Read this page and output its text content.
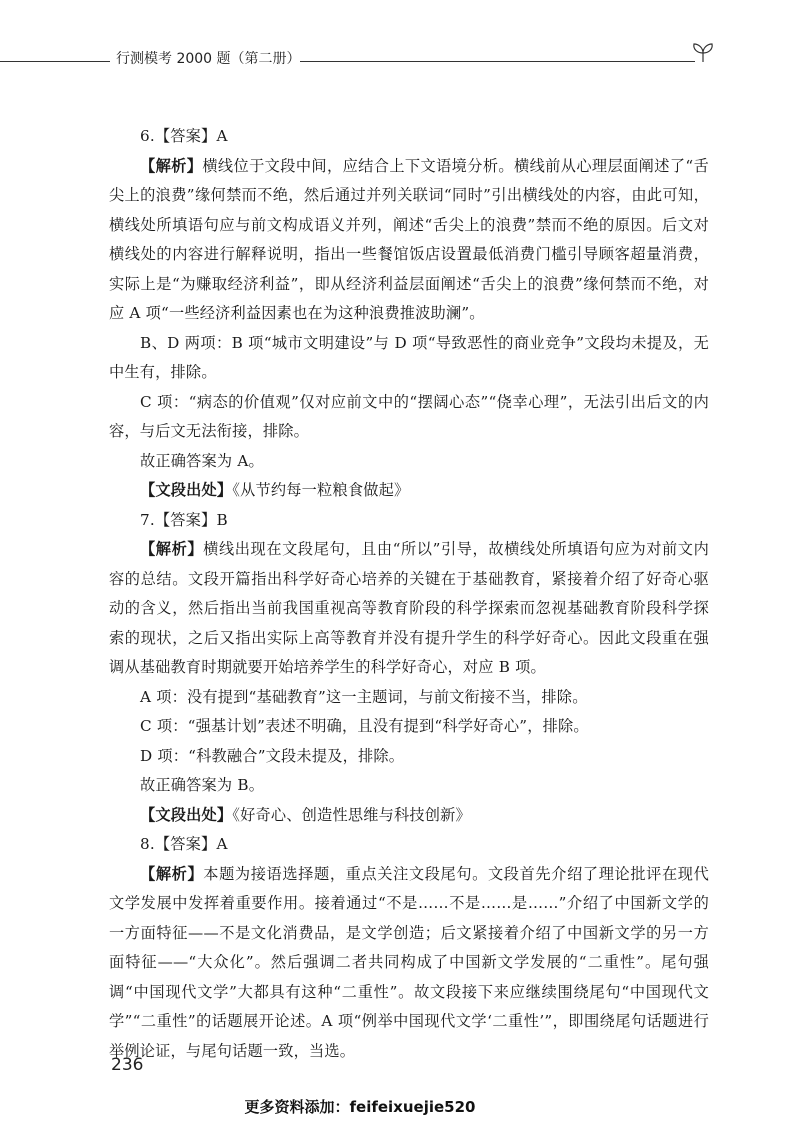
行测模考 2000 题（第二册）

6.【答案】A

【解析】横线位于文段中间，应结合上下文语境分析。横线前从心理层面阐述了“舌尖上的浪费”缘何禁而不绝，然后通过并列关联词“同时”引出横线处的内容，由此可知，横线处所填语句应与前文构成语义并列，阐述“舌尖上的浪费”禁而不绝的原因。后文对横线处的内容进行解释说明，指出一些餐馆饭店设置最低消费门槛引导顾客超量消费，实际上是“为赚取经济利益”，即从经济利益层面阐述“舌尖上的浪费”缘何禁而不绝，对应 A 项“一些经济利益因素也在为这种浪费推波助澜”。

B、D 两项：B 项“城市文明建设”与 D 项“导致恶性的商业竞争”文段均未提及，无中生有，排除。

C 项：“病态的价值观”仅对应前文中的“摆阔心态”“侥幸心理”，无法引出后文的内容，与后文无法衔接，排除。

故正确答案为 A。

【文段出处】《从节约每一粒粮食做起》

7.【答案】B

【解析】横线出现在文段尾句，且由“所以”引导，故横线处所填语句应为对前文内容的总结。文段开篇指出科学好奇心培养的关键在于基础教育，紧接着介绍了好奇心驱动的含义，然后指出当前我国重视高等教育阶段的科学探索而忽视基础教育阶段科学探索的现状，之后又指出实际上高等教育并没有提升学生的科学好奇心。因此文段重在强调从基础教育时期就要开始培养学生的科学好奇心，对应 B 项。

A 项：没有提到“基础教育”这一主题词，与前文衔接不当，排除。

C 项：“强基计划”表述不明确，且没有提到“科学好奇心”，排除。

D 项：“科教融合”文段未提及，排除。

故正确答案为 B。

【文段出处】《好奇心、创造性思维与科技创新》

8.【答案】A

【解析】本题为接语选择题，重点关注文段尾句。文段首先介绍了理论批评在现代文学发展中发挥着重要作用。接着通过“不是……不是……是……”介绍了中国新文学的一方面特征——不是文化消费品，是文学创造；后文紧接着介绍了中国新文学的另一方面特征——“大众化”。然后强调二者共同构成了中国新文学发展的“二重性”。尾句强调“中国现代文学”大都具有这种“二重性”。故文段接下来应继续围绕尾句“中国现代文学”“二重性”的话题展开论述。A 项“例举中国现代文学‘二重性’”，即围绕尾句话题进行举例论证，与尾句话题一致，当选。

236
更多资料添加：feifeixuejie520
